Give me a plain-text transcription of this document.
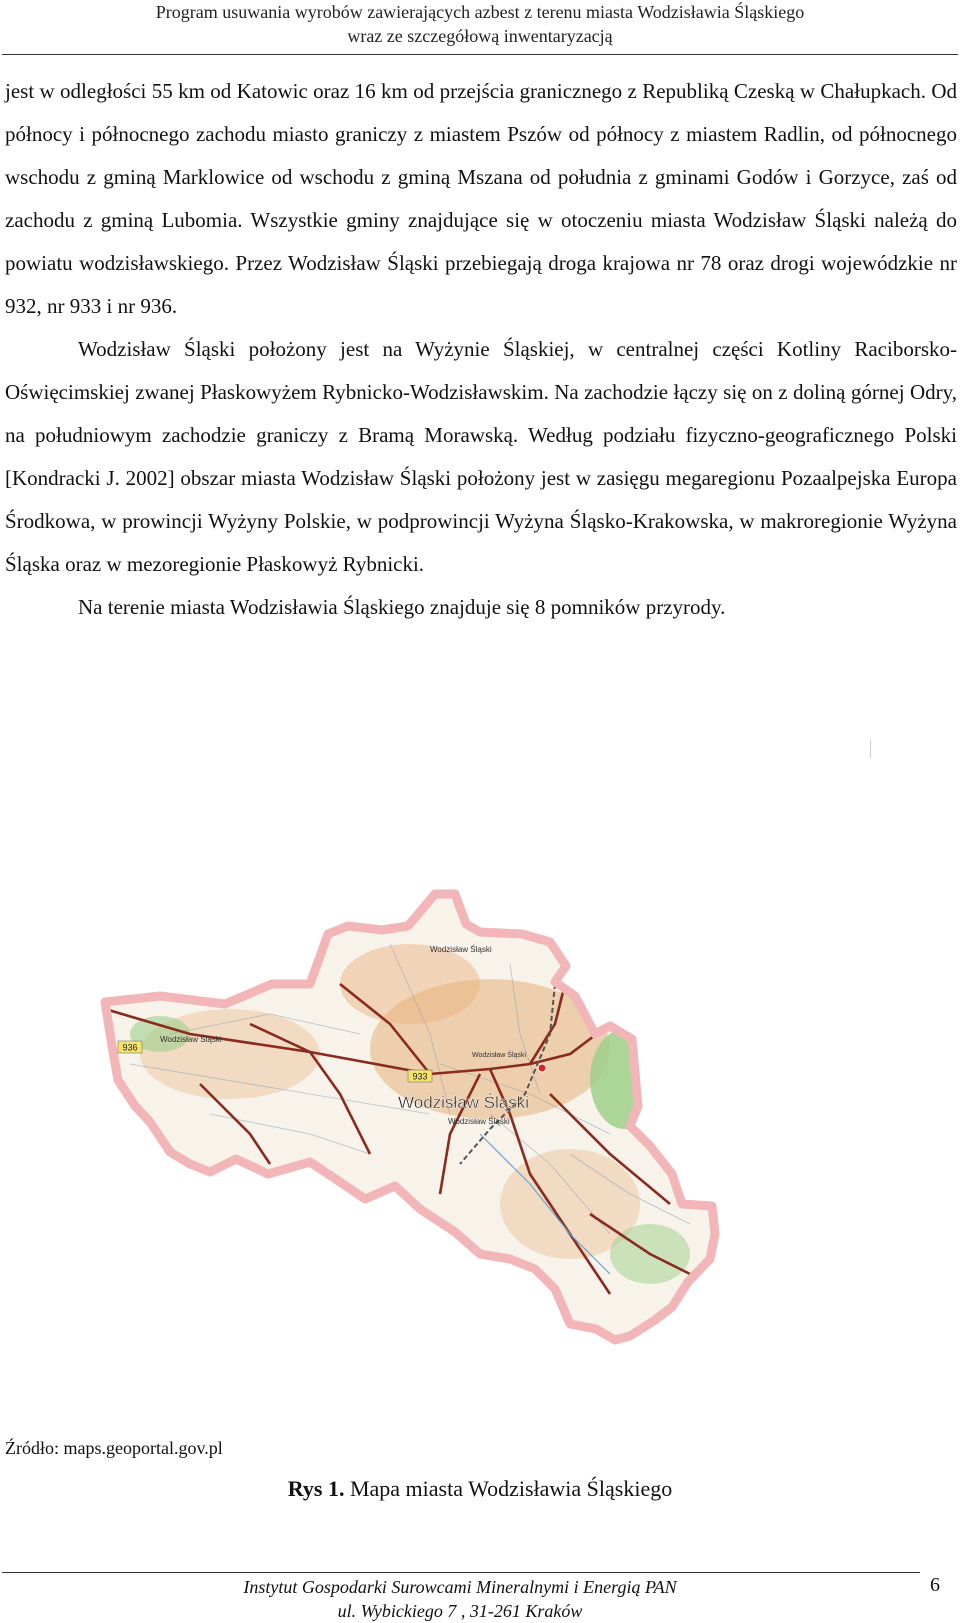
Program usuwania wyrobów zawierających azbest z terenu miasta Wodzisławia Śląskiego
wraz ze szczegółową inwentaryzacją

jest w odległości 55 km od Katowic oraz 16 km od przejścia granicznego z Republiką Czeską w Chałupkach. Od północy i północnego zachodu miasto graniczy z miastem Pszów od północy z miastem Radlin, od północnego wschodu z gminą Marklowice od wschodu z gminą Mszana od południa z gminami Godów i Gorzyce, zaś od zachodu z gminą Lubomia. Wszystkie gminy znajdujące się w otoczeniu miasta Wodzisław Śląski należą do powiatu wodzisławskiego. Przez Wodzisław Śląski przebiegają droga krajowa nr 78 oraz drogi wojewódzkie nr 932, nr 933 i nr 936.

Wodzisław Śląski położony jest na Wyżynie Śląskiej, w centralnej części Kotliny Raciborsko-Oświęcimskiej zwanej Płaskowyżem Rybnicko-Wodzisławskim. Na zachodzie łączy się on z doliną górnej Odry, na południowym zachodzie graniczy z Bramą Morawską. Według podziału fizyczno-geograficznego Polski [Kondracki J. 2002] obszar miasta Wodzisław Śląski położony jest w zasięgu megaregionu Pozaalpejska Europa Środkowa, w prowincji Wyżyny Polskie, w podprowincji Wyżyna Śląsko-Krakowska, w makroregionie Wyżyna Śląska oraz w mezoregionie Płaskowyż Rybnicki.

Na terenie miasta Wodzisławia Śląskiego znajduje się 8 pomników przyrody.

936
933
Wodzisław Śląski
Wodzisław Śląski
Wodzisław Śląski
Wodzisław Śląski
Wodzisław Śląski
Źródło: maps.geoportal.gov.pl
Rys 1. Mapa miasta Wodzisławia Śląskiego
Instytut Gospodarki Surowcami Mineralnymi i Energią PAN
ul. Wybickiego 7 , 31-261 Kraków
6
